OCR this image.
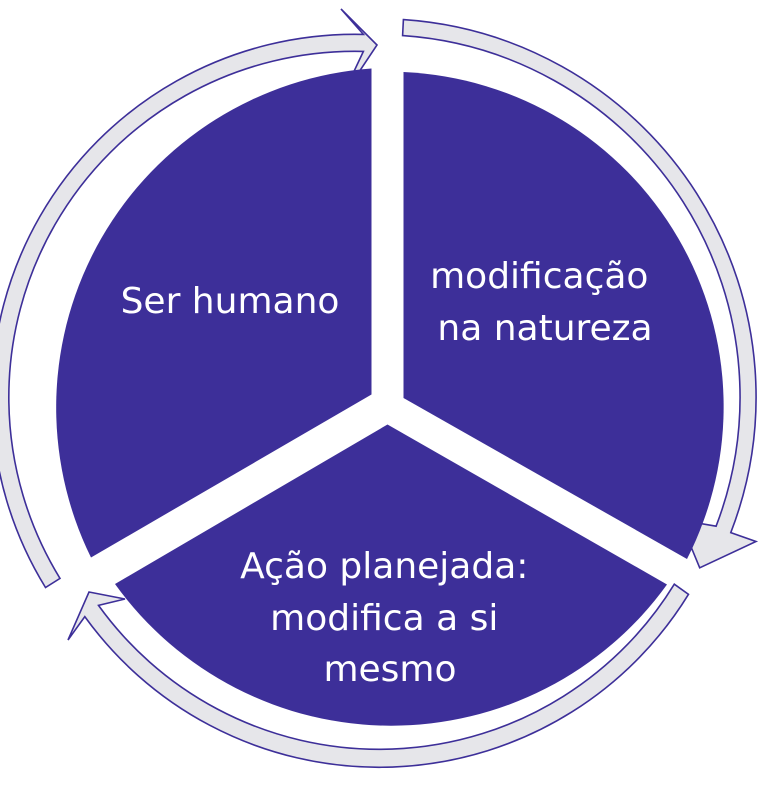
Ser humano
modificação na natureza
Ação planejada: modifica a si mesmo
